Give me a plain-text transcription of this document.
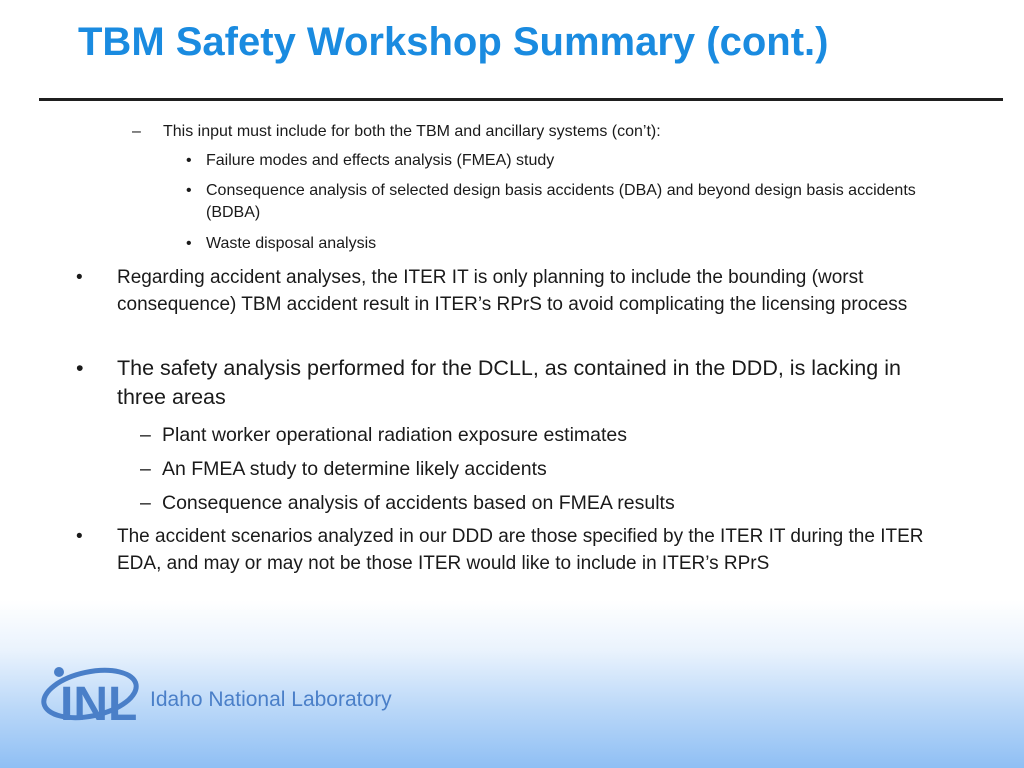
TBM Safety Workshop Summary (cont.)
– This input must include for both the TBM and ancillary systems (con’t):
• Failure modes and effects analysis (FMEA) study
• Consequence analysis of selected design basis accidents (DBA) and beyond design basis accidents (BDBA)
• Waste disposal analysis
• Regarding accident analyses, the ITER IT is only planning to include the bounding (worst consequence) TBM accident result in ITER’s RPrS to avoid complicating the licensing process
• The safety analysis performed for the DCLL, as contained in the DDD, is lacking in three areas
– Plant worker operational radiation exposure estimates
– An FMEA study to determine likely accidents
– Consequence analysis of accidents based on FMEA results
• The accident scenarios analyzed in our DDD are those specified by the ITER IT during the ITER EDA, and may or may not be those ITER would like to include in ITER’s RPrS
INL Idaho National Laboratory
